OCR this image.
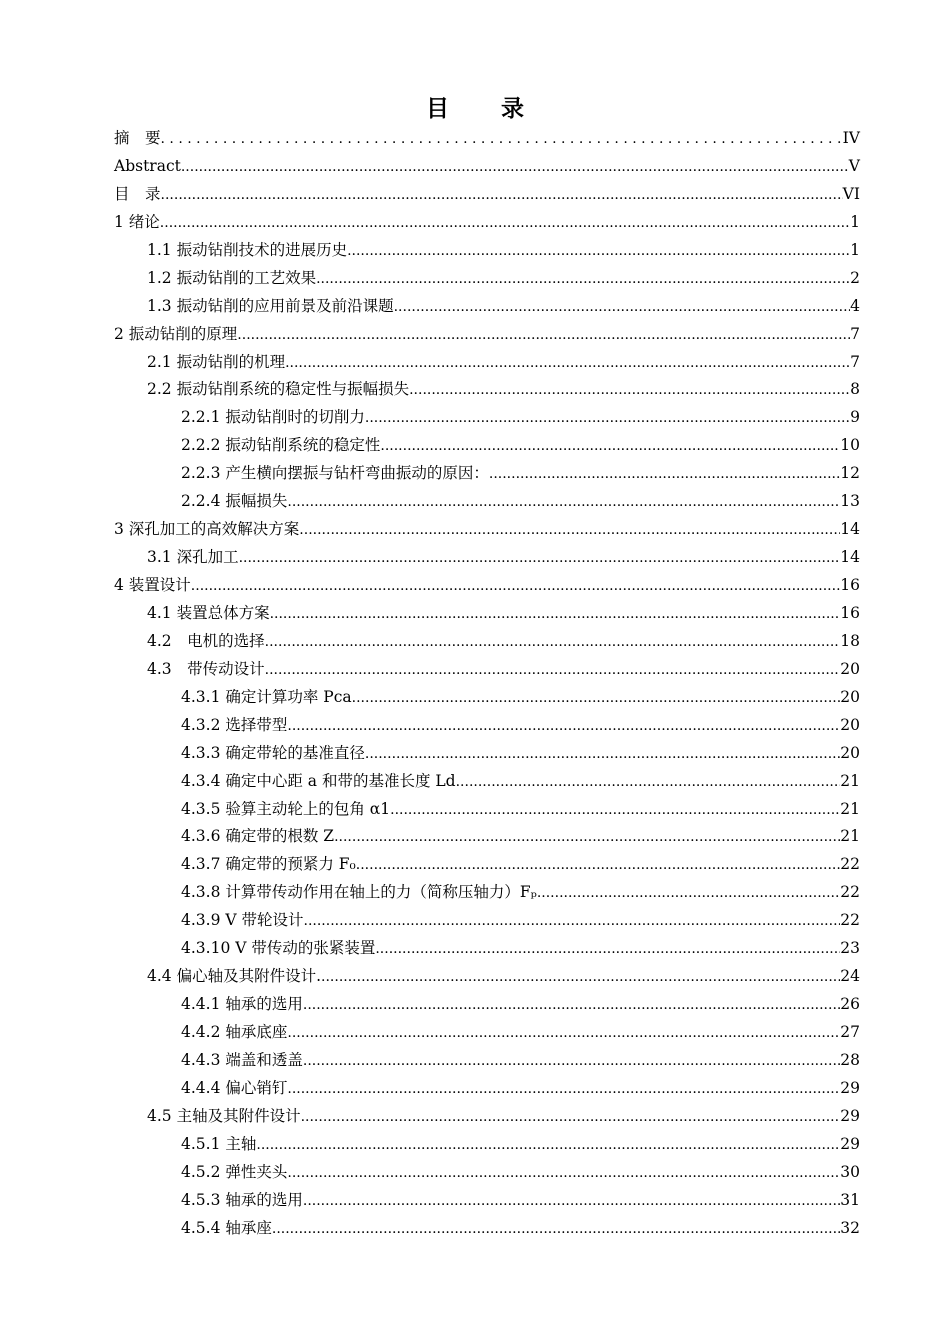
目 录
摘　要 . . .	IV
Abstract .....	V
目　录 .....	VI
1 绪论 .....	1
1.1 振动钻削技术的进展历史 .....	1
1.2 振动钻削的工艺效果 .....	2
1.3 振动钻削的应用前景及前沿课题 .....	4
2 振动钻削的原理 .....	7
2.1 振动钻削的机理 .....	7
2.2 振动钻削系统的稳定性与振幅损失 .....	8
2.2.1 振动钻削时的切削力 .....	9
2.2.2 振动钻削系统的稳定性 .....	10
2.2.3 产生横向摆振与钻杆弯曲振动的原因： .....	12
2.2.4 振幅损失 .....	13
3 深孔加工的高效解决方案 .....	14
3.1 深孔加工 .....	14
4 装置设计 .....	16
4.1 装置总体方案 .....	16
4.2　电机的选择 .....	18
4.3　带传动设计 .....	20
4.3.1 确定计算功率 Pca .....	20
4.3.2 选择带型 .....	20
4.3.3 确定带轮的基准直径 .....	20
4.3.4 确定中心距 a 和带的基准长度 Ld .....	21
4.3.5 验算主动轮上的包角 α1 .....	21
4.3.6 确定带的根数 Z .....	21
4.3.7 确定带的预紧力 F₀ .....	22
4.3.8 计算带传动作用在轴上的力（简称压轴力）Fₚ .....	22
4.3.9 V 带轮设计 .....	22
4.3.10 V 带传动的张紧装置 .....	23
4.4 偏心轴及其附件设计. .....	24
4.4.1 轴承的选用 .....	26
4.4.2 轴承底座 .....	27
4.4.3 端盖和透盖 .....	28
4.4.4 偏心销钉 .....	29
4.5 主轴及其附件设计 .....	29
4.5.1 主轴 .....	29
4.5.2 弹性夹头 .....	30
4.5.3 轴承的选用 .....	31
4.5.4 轴承座 .....	32
